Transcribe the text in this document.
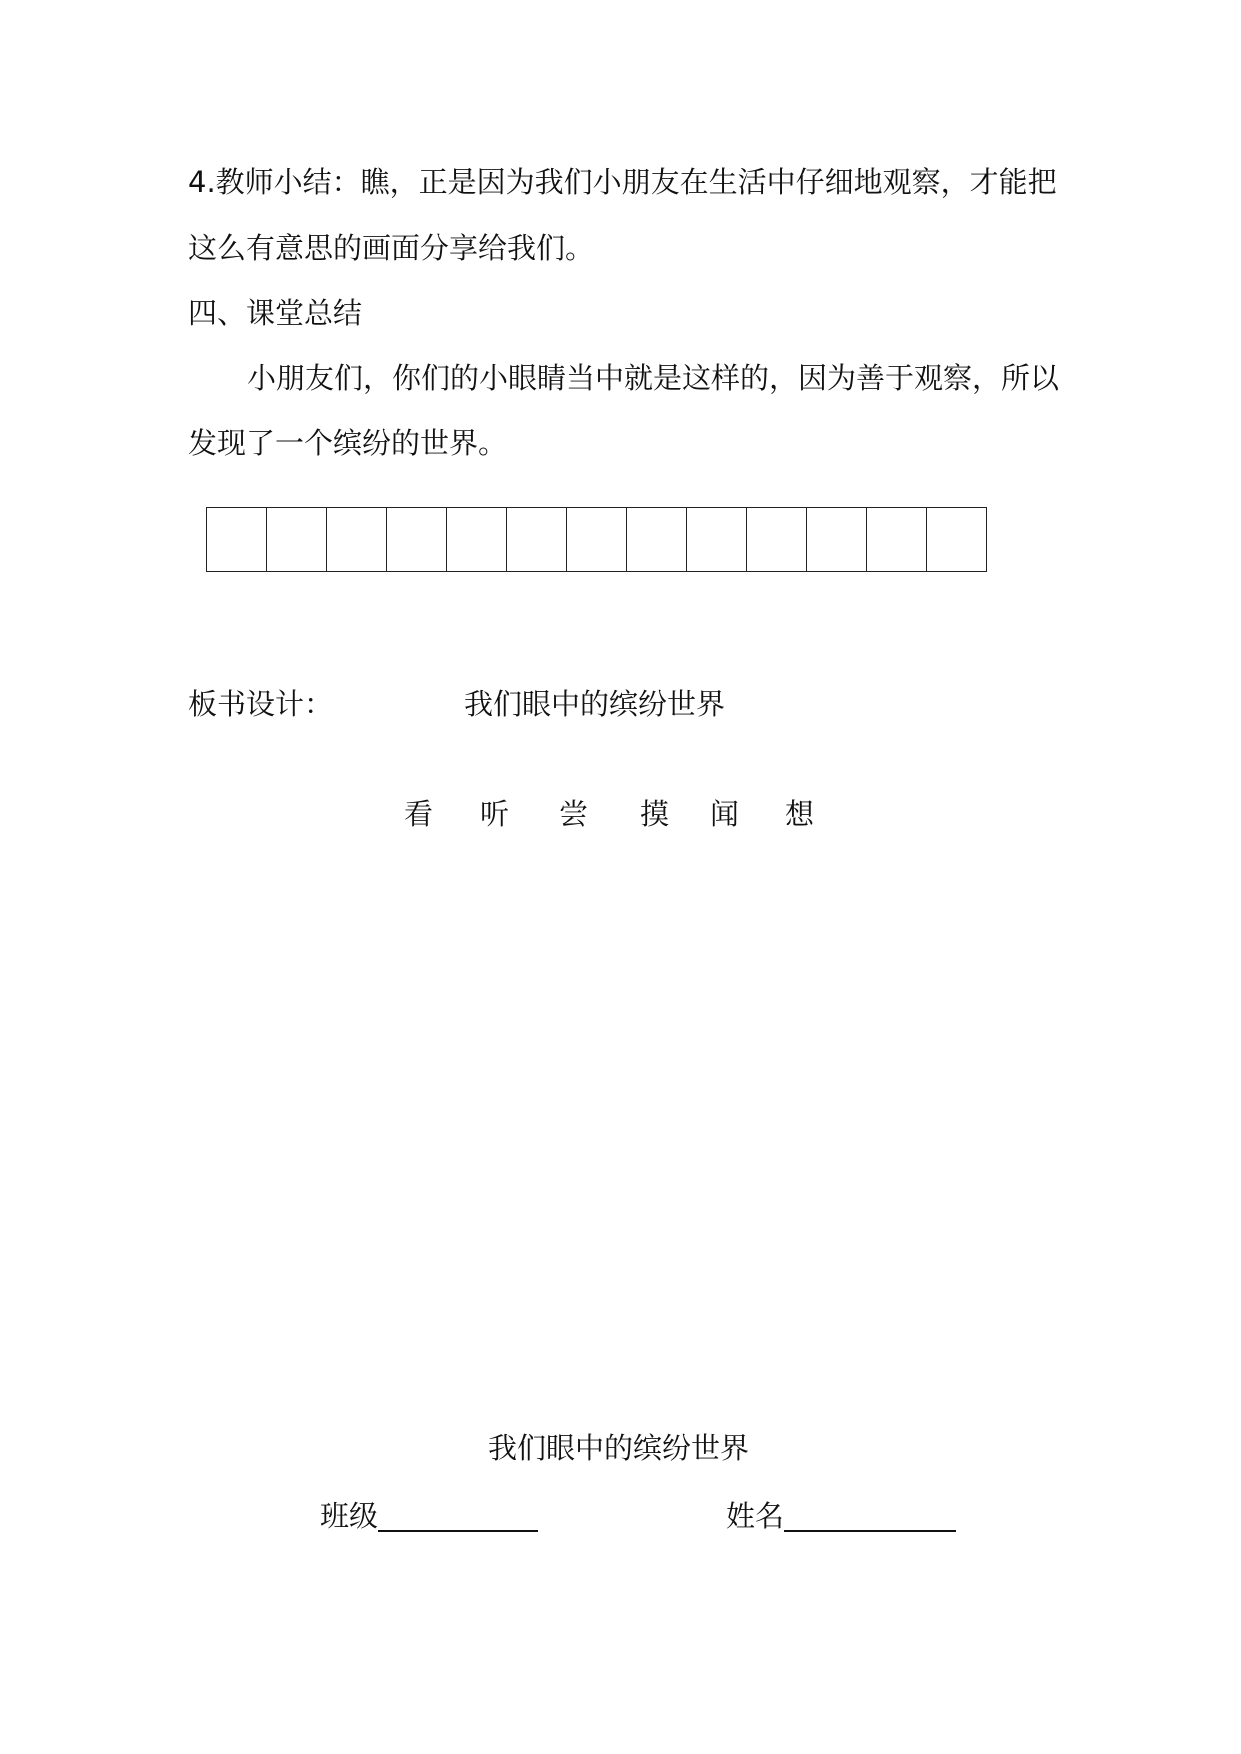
4.教师小结：瞧，正是因为我们小朋友在生活中仔细地观察，才能把
这么有意思的画面分享给我们。
四、课堂总结
小朋友们，你们的小眼睛当中就是这样的，因为善于观察，所以
发现了一个缤纷的世界。
板书设计：	我们眼中的缤纷世界
看 听 尝 摸 闻 想
我们眼中的缤纷世界
班级	姓名
